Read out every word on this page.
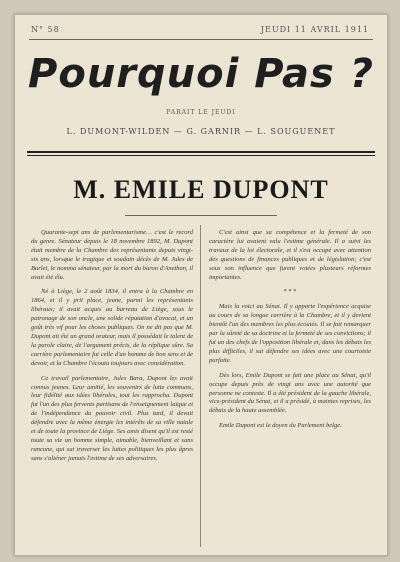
N° 58	JEUDI 11 AVRIL 1911
Pourquoi Pas ?
PARAIT LE JEUDI
L. DUMONT-WILDEN — G. GARNIR — L. SOUGUENET
M. EMILE DUPONT

Quarante-sept ans de parlementarisme… c'est le record du genre. Sénateur depuis le 18 novembre 1892, M. Dupont était membre de la Chambre des représentants depuis vingt-six ans, lorsque le tragique et soudain décès de M. Jules de Burlet, le nomma sénateur, par la mort du baron d'Anethan, il avait été élu.

Né à Liège, le 2 août 1834, il entra à la Chambre en 1864, et il y prit place, jeune, parmi les représentants libéraux; il avait acquis au barreau de Liège, sous le patronage de son oncle, une solide réputation d'avocat, et un goût très vif pour les choses publiques. On ne dit pas que M. Dupont ait été un grand orateur, mais il possédait le talent de la parole claire, de l'argument précis, de la réplique sûre. Sa carrière parlementaire fut celle d'un homme de bon sens et de devoir, et la Chambre l'écouta toujours avec considération.

Ce travail parlementaire, Jules Bara, Dupont les avait connus jeunes. Leur amitié, les souvenirs de lutte communs, leur fidélité aux idées libérales, tout les rapprocha. Dupont fut l'un des plus fervents partisans de l'enseignement laïque et de l'indépendance du pouvoir civil. Plus tard, il devait défendre avec la même énergie les intérêts de sa ville natale et de toute la province de Liège. Ses amis disent qu'il est resté toute sa vie un homme simple, aimable, bienveillant et sans rancune, qui sut traverser les luttes politiques les plus âpres sans s'aliéner jamais l'estime de ses adversaires.

C'est ainsi que sa compétence et la fermeté de son caractère lui avaient valu l'estime générale. Il a suivi les travaux de la loi électorale, et il s'est occupé avec attention des questions de finances publiques et de législation; c'est sous son influence que furent votées plusieurs réformes importantes.

* * *

Mais la voici au Sénat. Il y apporte l'expérience acquise au cours de sa longue carrière à la Chambre, et il y devient bientôt l'un des membres les plus écoutés. Il se fait remarquer par la sûreté de sa doctrine et la fermeté de ses convictions; il fut un des chefs de l'opposition libérale et, dans les débats les plus difficiles, il sut défendre ses idées avec une courtoisie parfaite.

Dès lors, Emile Dupont se fait une place au Sénat, qu'il occupe depuis près de vingt ans avec une autorité que personne ne conteste. Il a été président de la gauche libérale, vice-président du Sénat, et il a présidé, à maintes reprises, les débats de la haute assemblée.

Emile Dupont est le doyen du Parlement belge.
